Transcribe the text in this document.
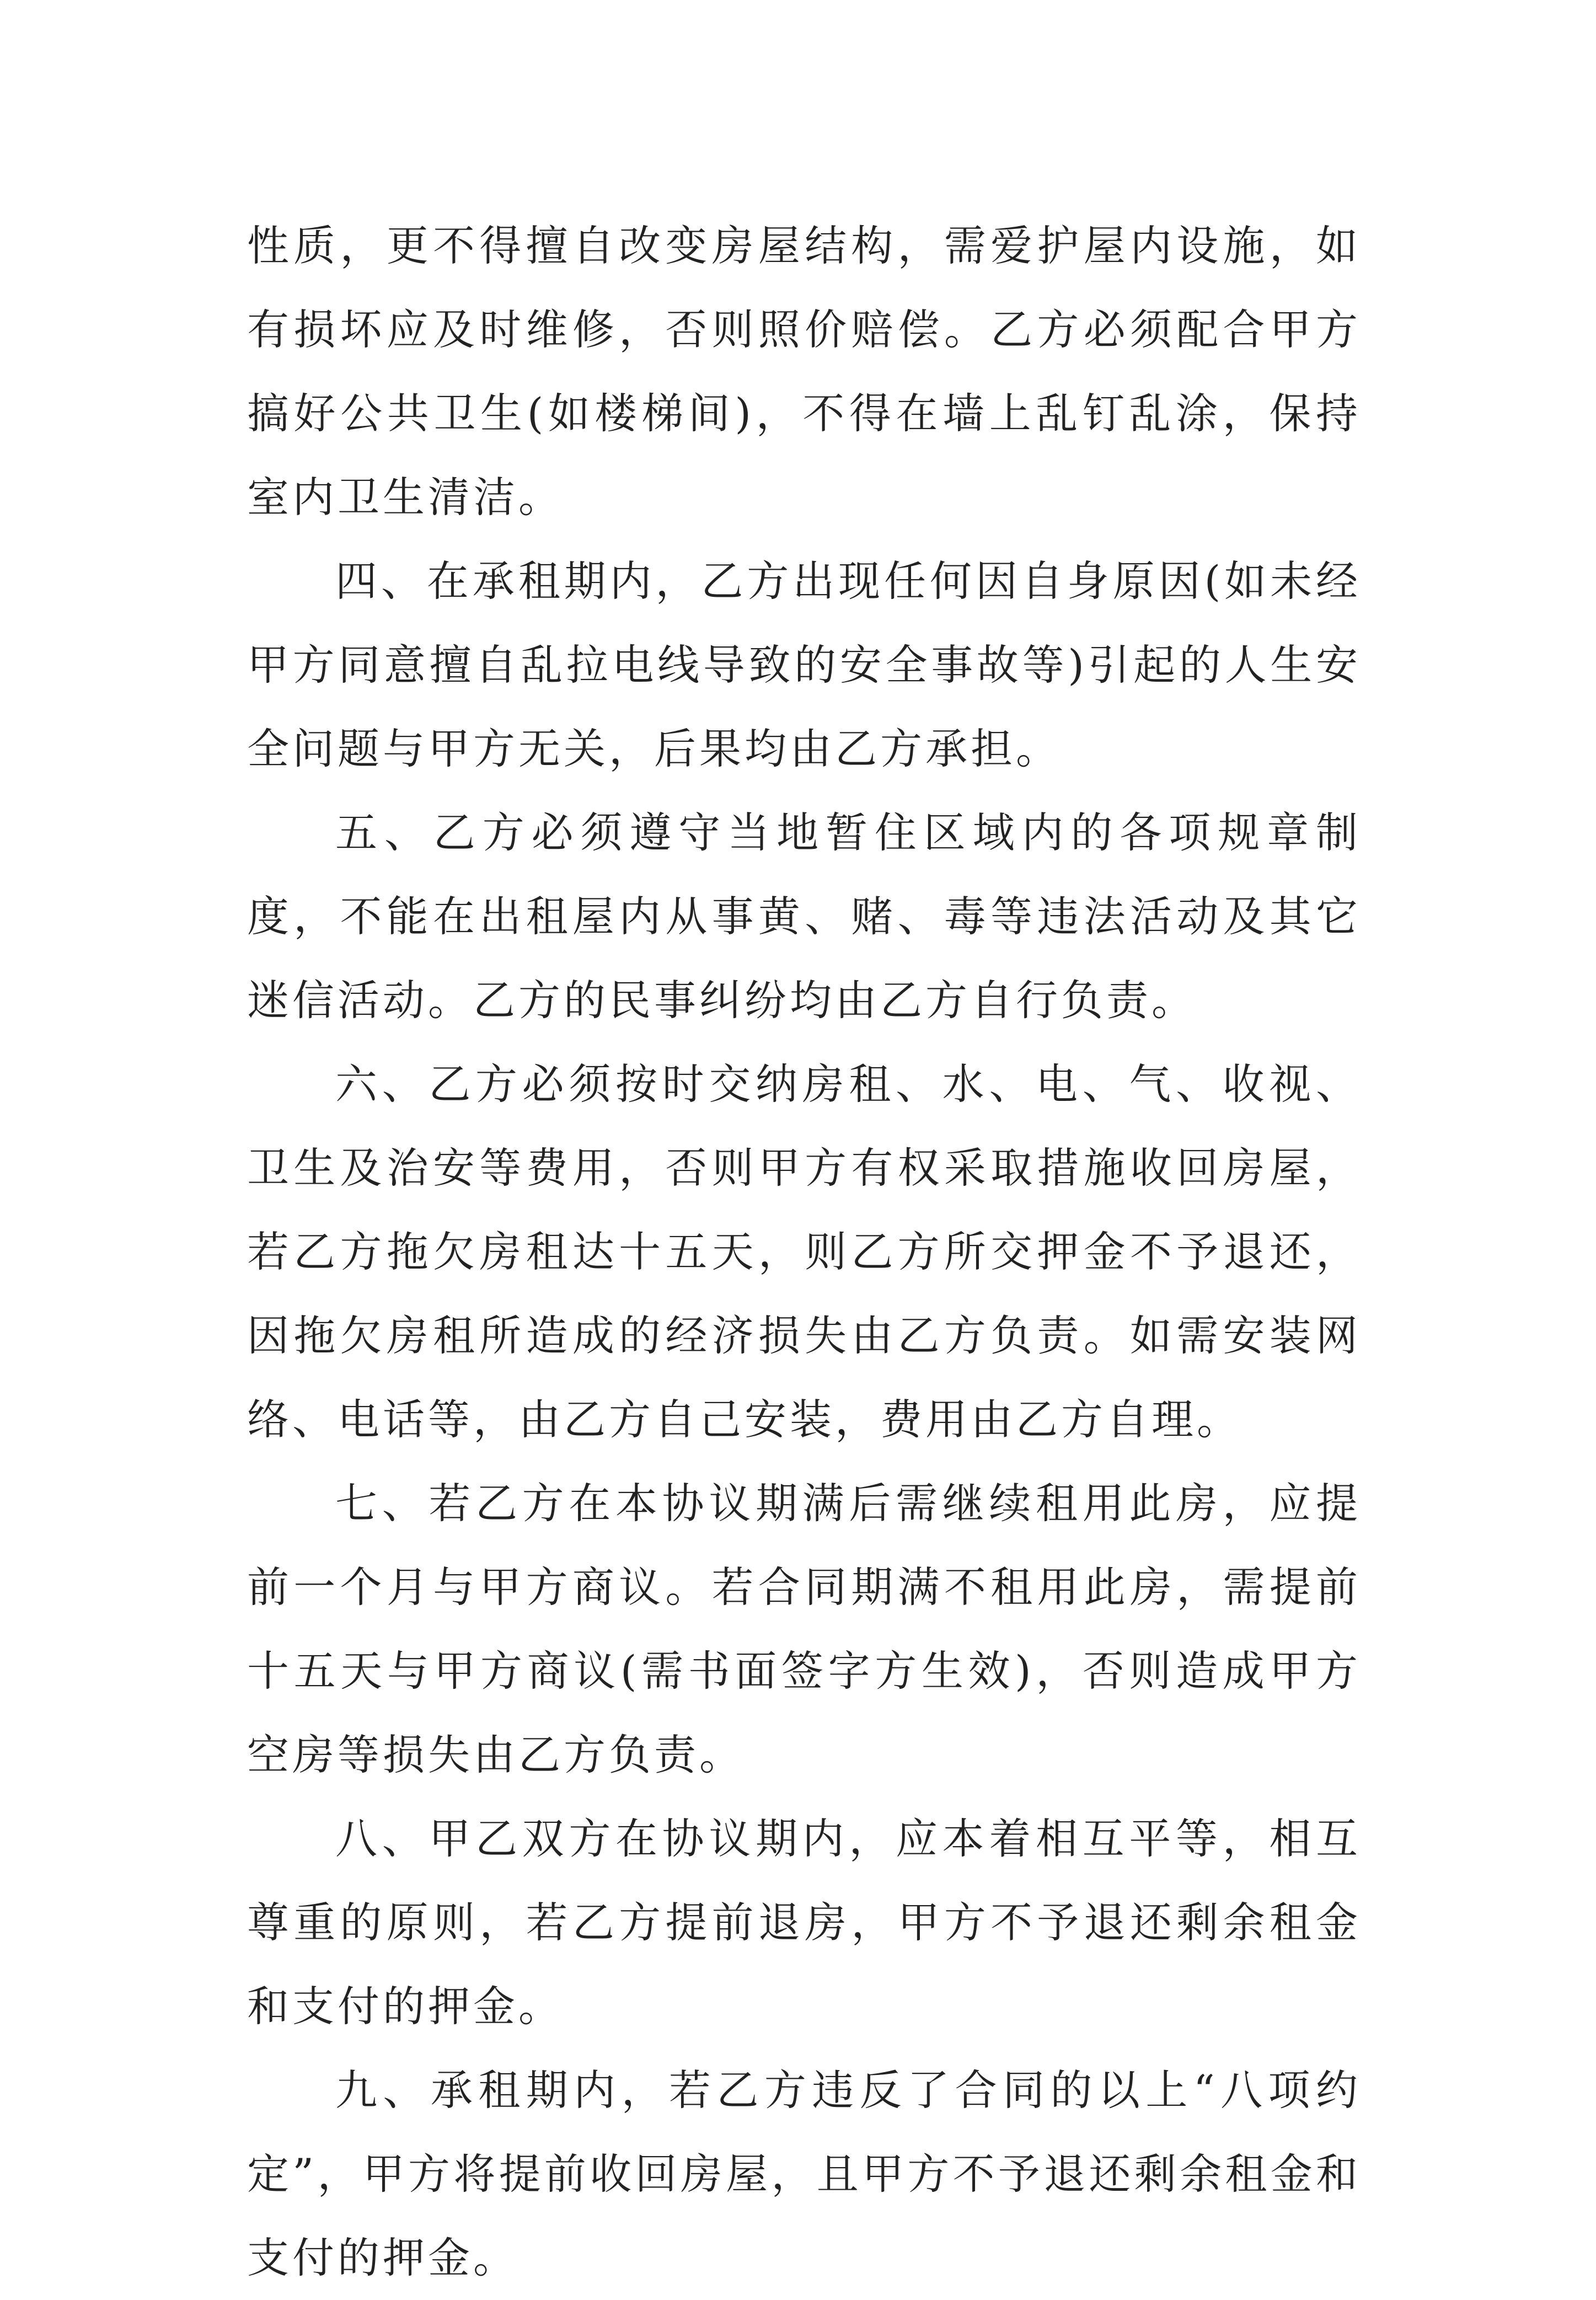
性质，更不得擅自改变房屋结构，需爱护屋内设施，如有损坏应及时维修，否则照价赔偿。乙方必须配合甲方搞好公共卫生(如楼梯间)，不得在墙上乱钉乱涂，保持室内卫生清洁。

四、在承租期内，乙方出现任何因自身原因(如未经甲方同意擅自乱拉电线导致的安全事故等)引起的人生安全问题与甲方无关，后果均由乙方承担。

五、乙方必须遵守当地暂住区域内的各项规章制度，不能在出租屋内从事黄、赌、毒等违法活动及其它迷信活动。乙方的民事纠纷均由乙方自行负责。

六、乙方必须按时交纳房租、水、电、气、收视、卫生及治安等费用，否则甲方有权采取措施收回房屋，若乙方拖欠房租达十五天，则乙方所交押金不予退还，因拖欠房租所造成的经济损失由乙方负责。如需安装网络、电话等，由乙方自己安装，费用由乙方自理。

七、若乙方在本协议期满后需继续租用此房，应提前一个月与甲方商议。若合同期满不租用此房，需提前十五天与甲方商议(需书面签字方生效)，否则造成甲方空房等损失由乙方负责。

八、甲乙双方在协议期内，应本着相互平等，相互尊重的原则，若乙方提前退房，甲方不予退还剩余租金和支付的押金。

九、承租期内，若乙方违反了合同的以上“八项约定”，甲方将提前收回房屋，且甲方不予退还剩余租金和支付的押金。
